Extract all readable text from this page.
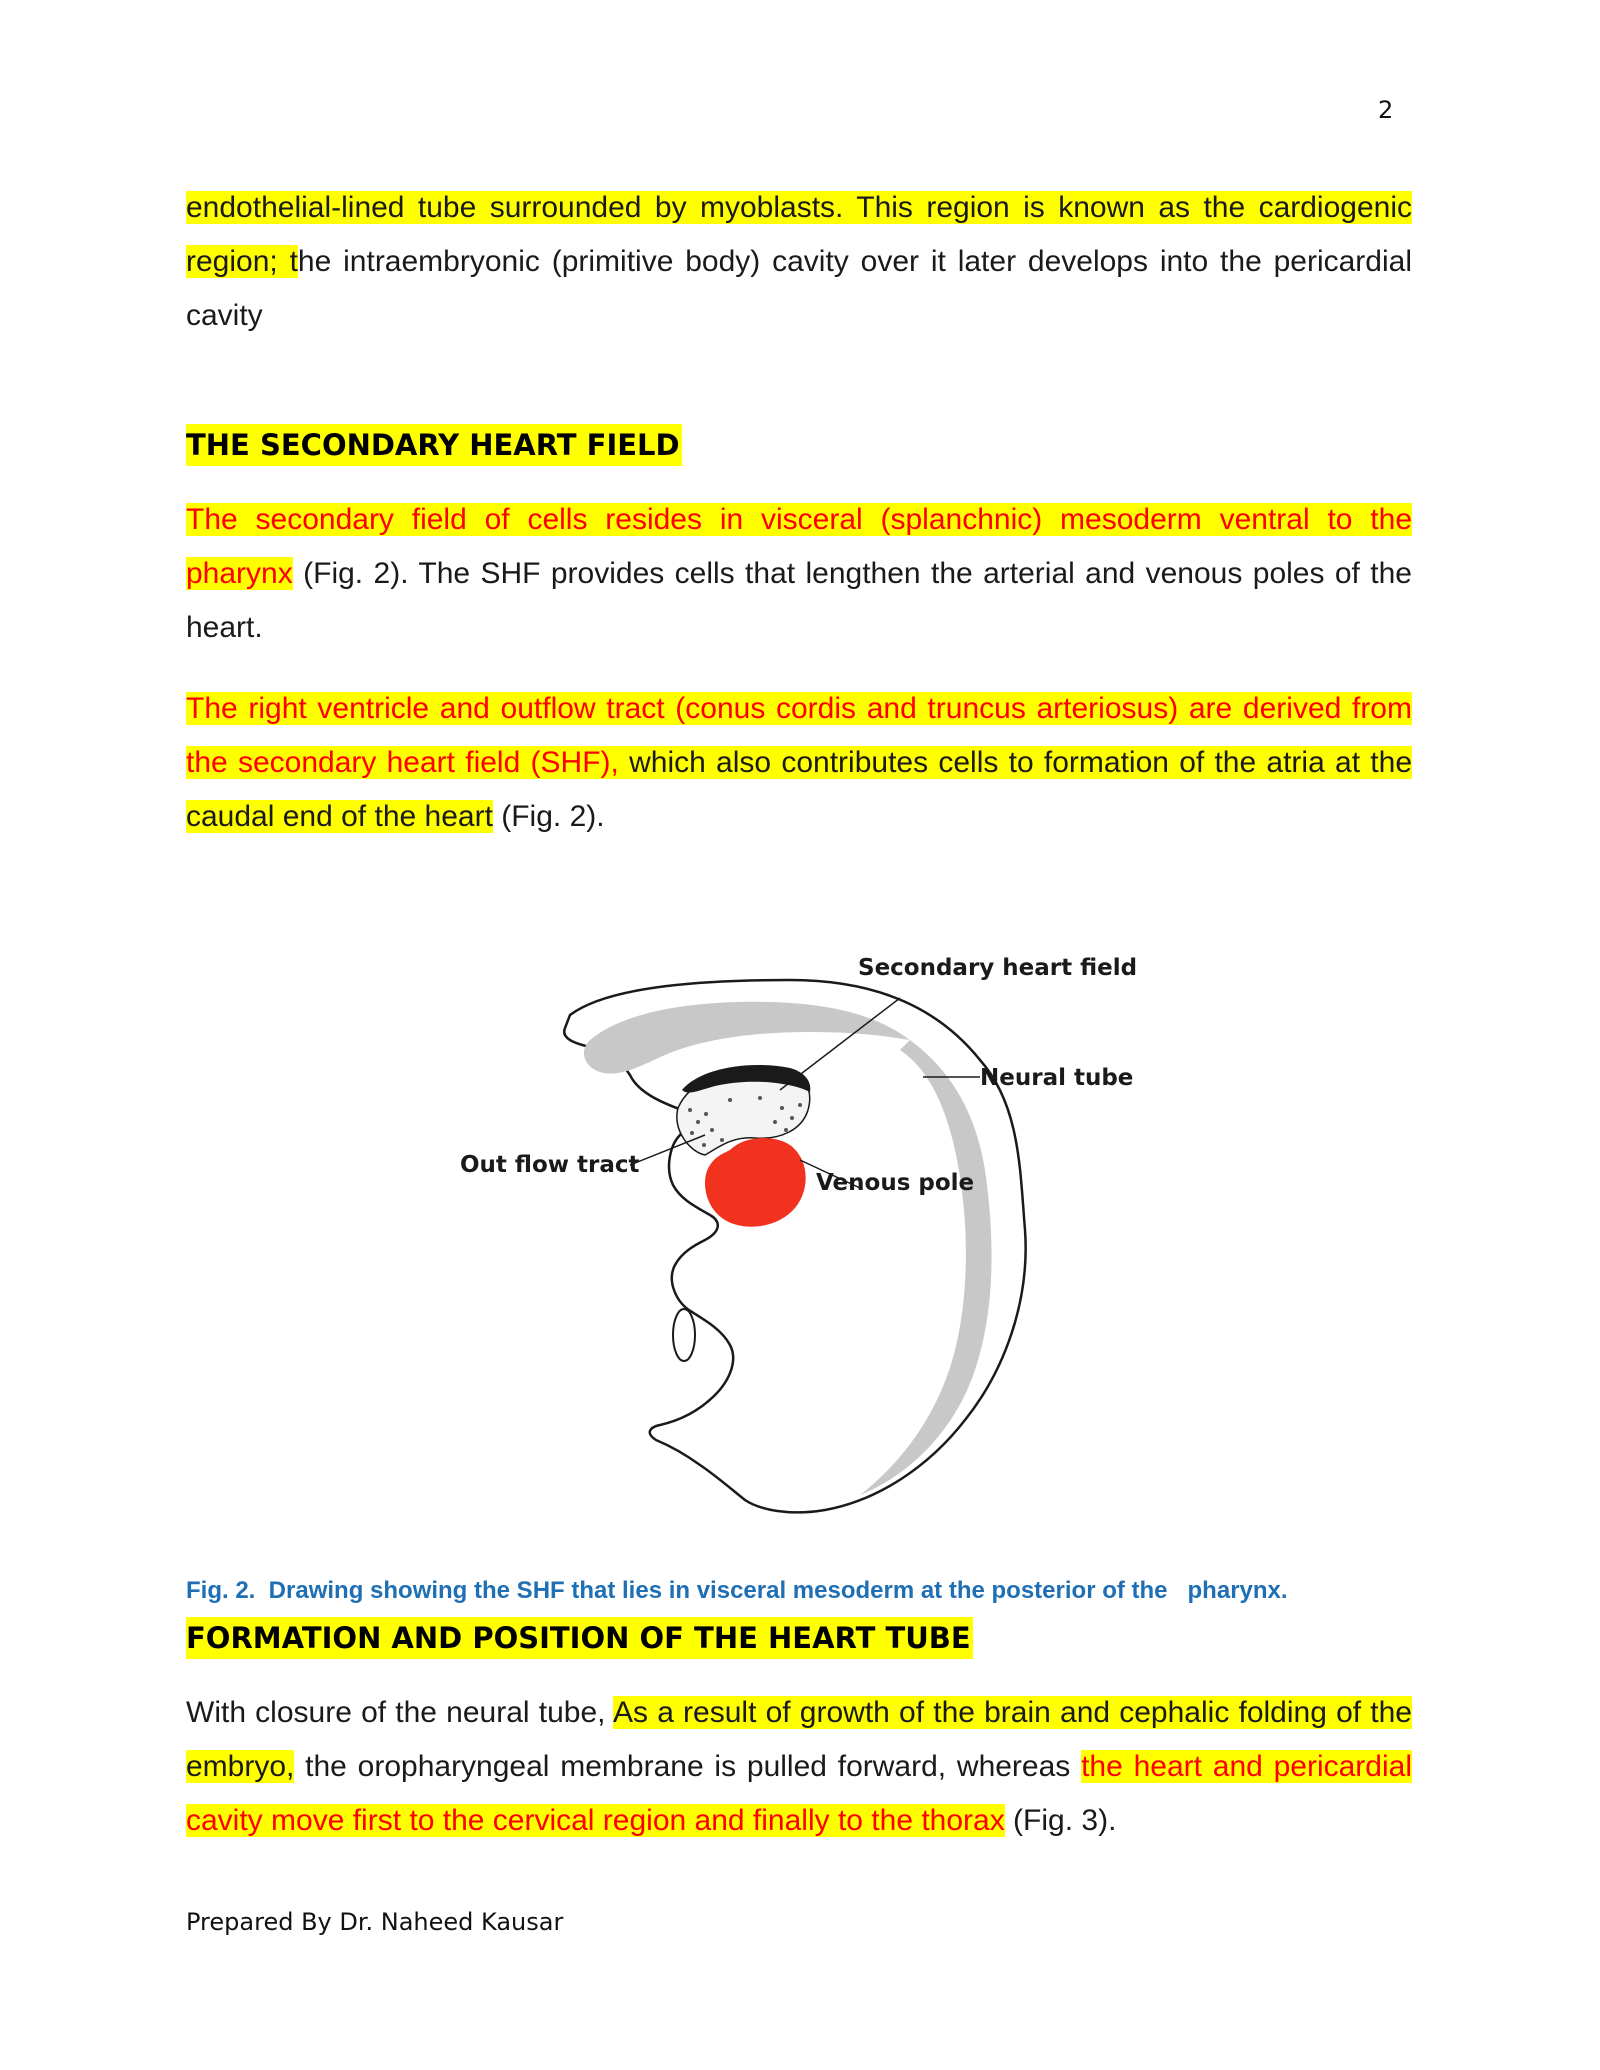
2

endothelial-lined tube surrounded by myoblasts. This region is known as the cardiogenic region; the intraembryonic (primitive body) cavity over it later develops into the pericardial cavity

THE SECONDARY HEART FIELD

The secondary field of cells resides in visceral (splanchnic) mesoderm ventral to the pharynx (Fig. 2). The SHF provides cells that lengthen the arterial and venous poles of the heart.

The right ventricle and outflow tract (conus cordis and truncus arteriosus) are derived from the secondary heart field (SHF), which also contributes cells to formation of the atria at the caudal end of the heart (Fig. 2).

Secondary heart field
Neural tube
Out flow tract
Venous pole

Fig. 2.  Drawing showing the SHF that lies in visceral mesoderm at the posterior of the   pharynx.

FORMATION AND POSITION OF THE HEART TUBE

With closure of the neural tube, As a result of growth of the brain and cephalic folding of the embryo, the oropharyngeal membrane is pulled forward, whereas the heart and pericardial cavity move first to the cervical region and finally to the thorax (Fig. 3).

Prepared By Dr. Naheed Kausar
